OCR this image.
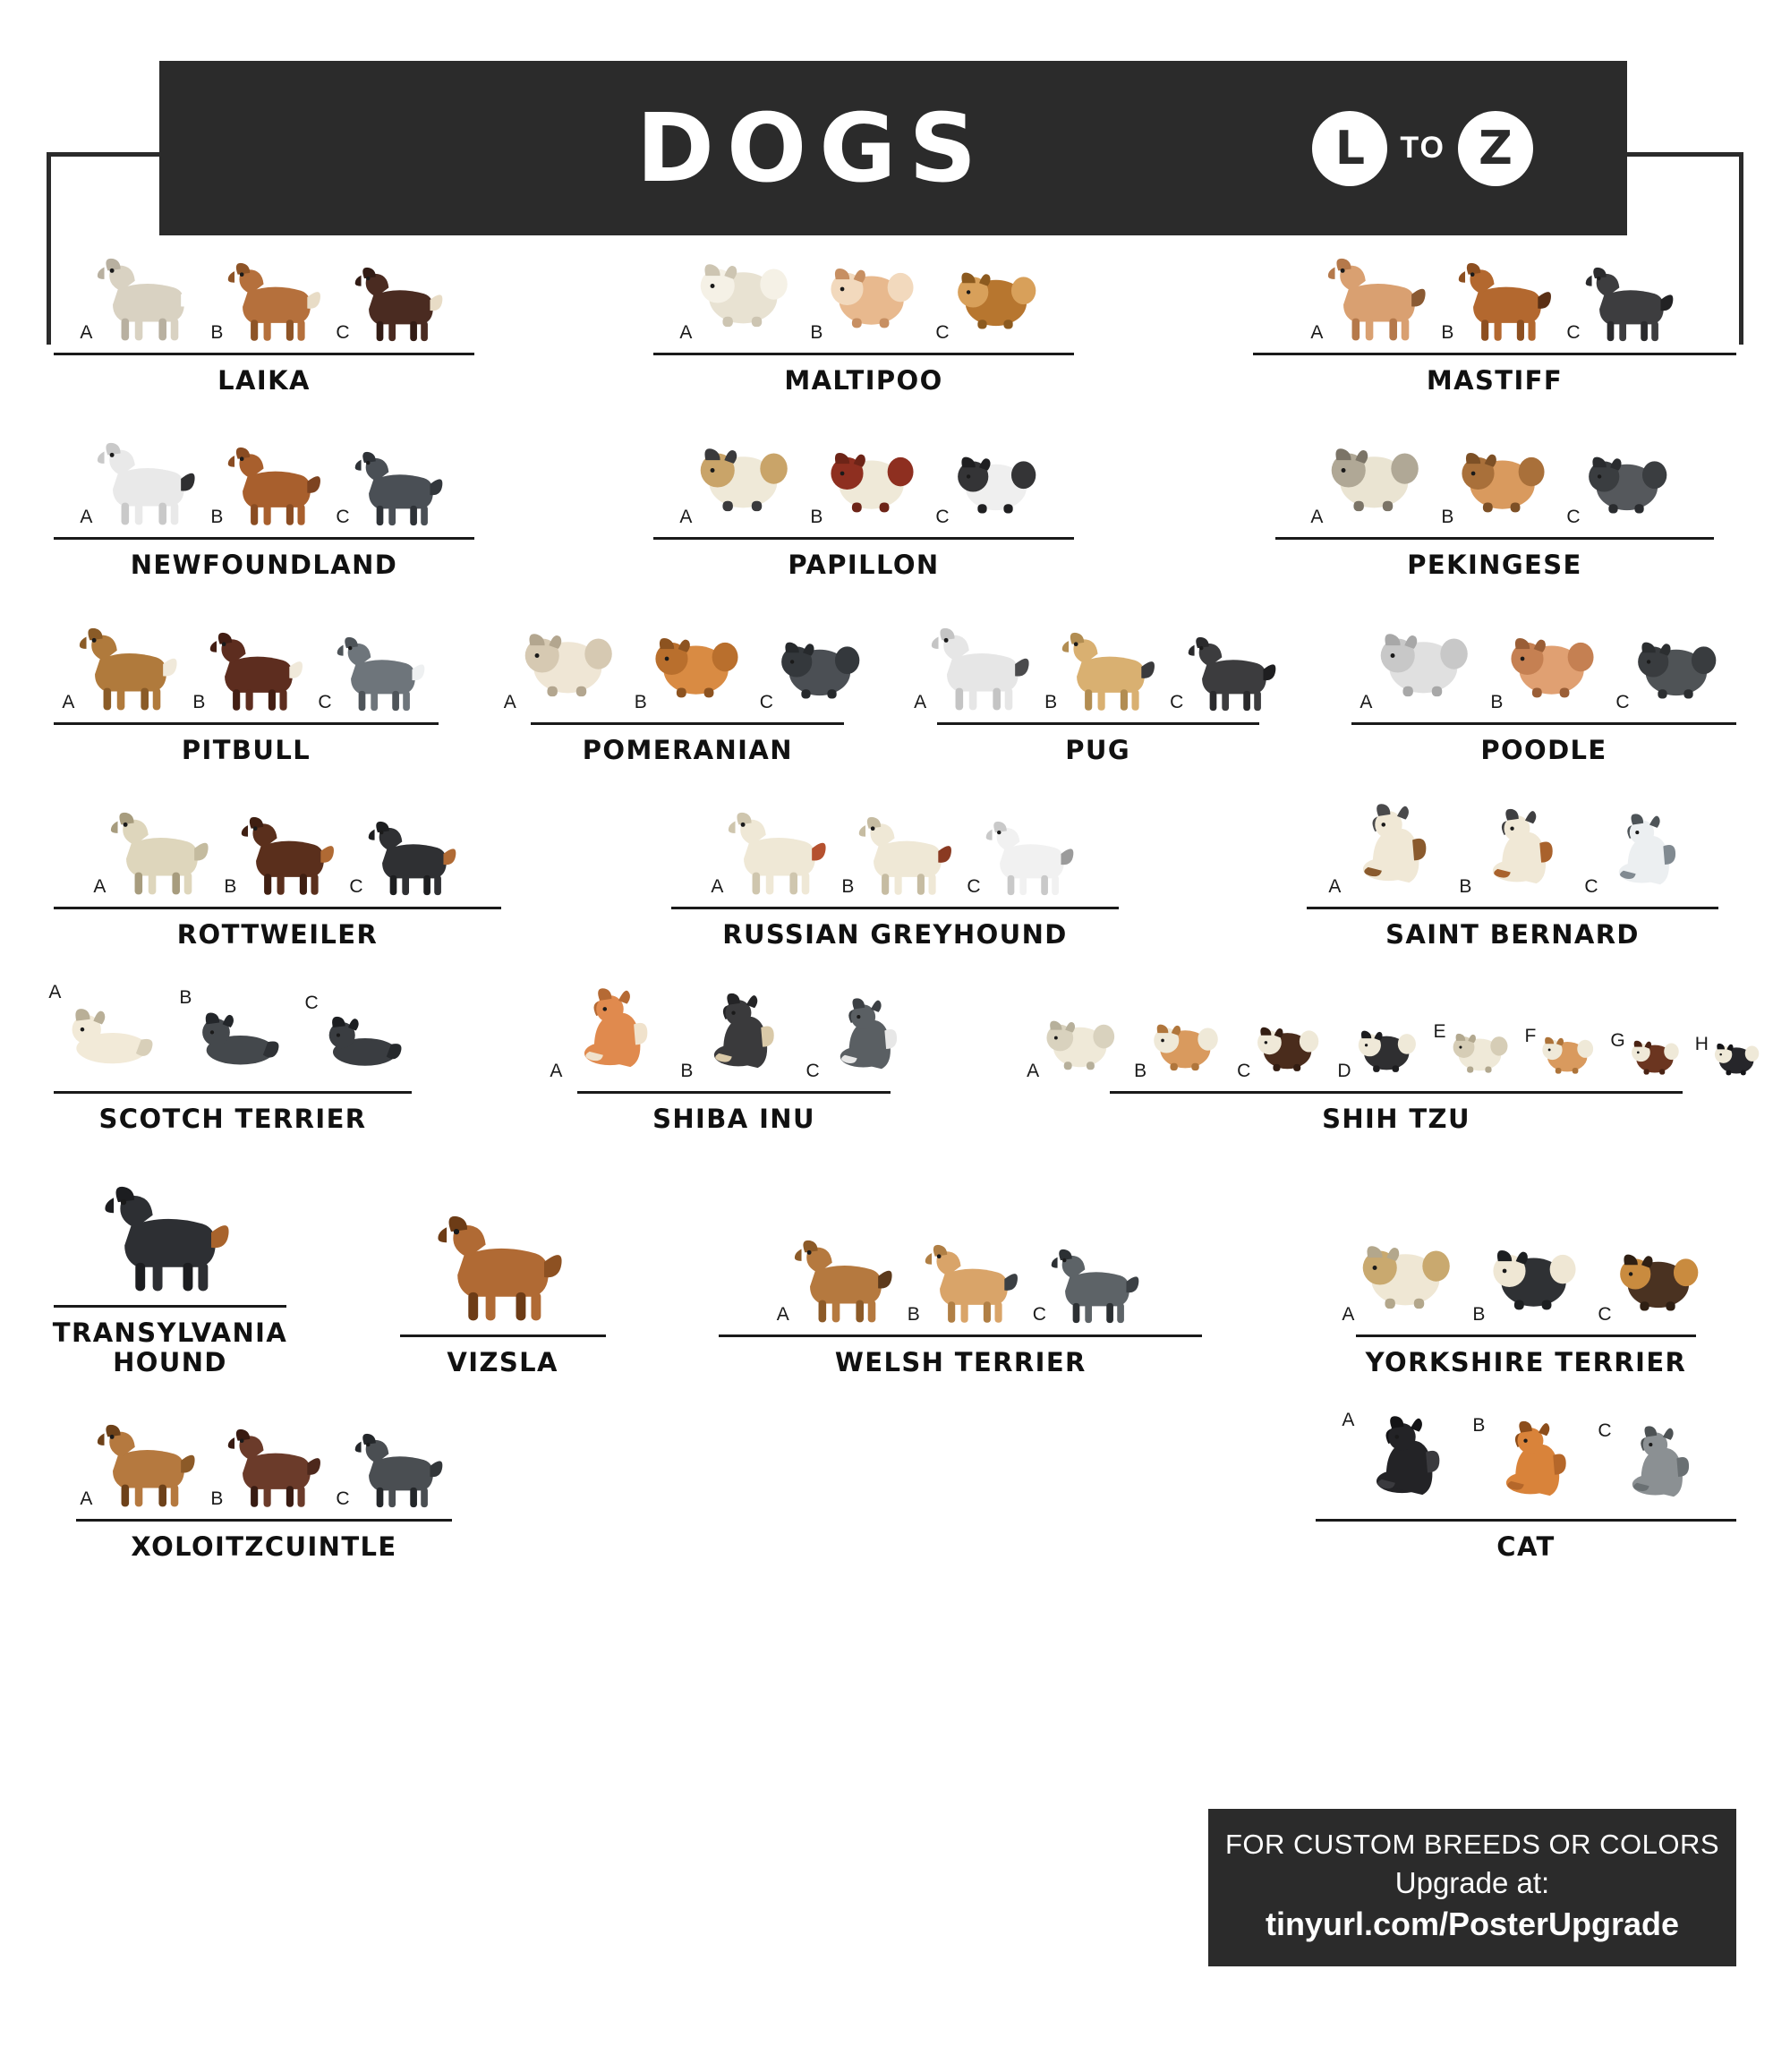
DOGS	L	TO Z
A	B	C
LAIKA
A	B	C
MALTIPOO
A	B	C
MASTIFF
A	B	C
NEWFOUNDLAND
A	B	C
PAPILLON
A	B	C
PEKINGESE
A	B	C
PITBULL
A	B	C
POMERANIAN
A	B	C
PUG
A	B	C
POODLE
A	B	C
ROTTWEILER
A	B	C
RUSSIAN GREYHOUND
A	B	C
SAINT BERNARD
A	B	C
SCOTCH TERRIER
A	B	C
SHIBA INU
A	B	C	D
E	F	G	H
SHIH TZU
TRANSYLVANIA HOUND	VIZSLA
A	B	C
WELSH TERRIER
A	B	C
YORKSHIRE TERRIER
A	B	C
XOLOITZCUINTLE
A	B	C
CAT
FOR CUSTOM BREEDS OR COLORS
Upgrade at:
tinyurl.com/PosterUpgrade
